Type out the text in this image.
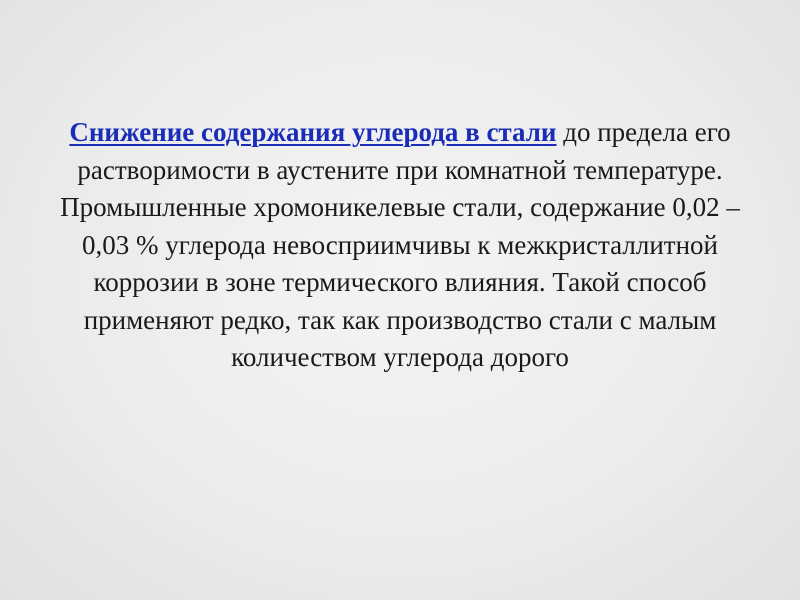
Снижение содержания углерода в стали до предела его растворимости в аустените при комнатной температуре. Промышленные хромоникелевые стали, содержание 0,02 – 0,03 % углерода невосприимчивы к межкристаллитной коррозии в зоне термического влияния. Такой способ применяют редко, так как производство стали с малым количеством углерода дорого
